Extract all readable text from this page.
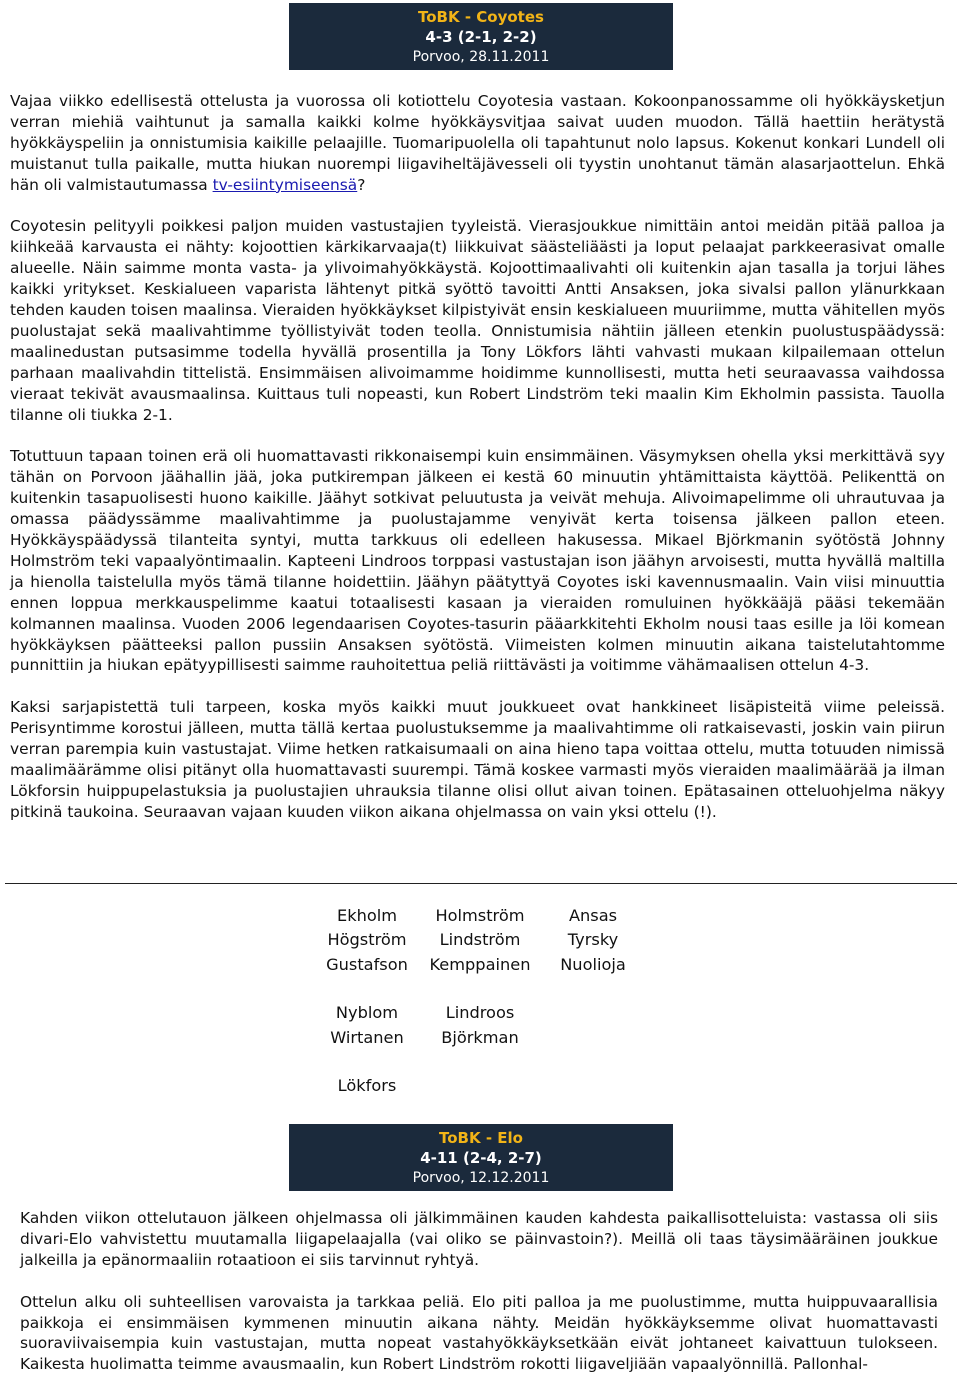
ToBK - Coyotes
4-3 (2-1, 2-2)
Porvoo, 28.11.2011

Vajaa viikko edellisestä ottelusta ja vuorossa oli kotiottelu Coyotesia vastaan. Kokoonpanossamme oli hyökkäysketjun verran miehiä vaihtunut ja samalla kaikki kolme hyökkäysvitjaa saivat uuden muodon. Tällä haettiin herätystä hyökkäyspeliin ja onnistumisia kaikille pelaajille. Tuomaripuolella oli tapahtunut nolo lapsus. Kokenut konkari Lundell oli muistanut tulla paikalle, mutta hiukan nuorempi liigaviheltäjävesseli oli tyystin unohtanut tämän alasarjaottelun. Ehkä hän oli valmistautumassa tv-esiintymiseensä?

Coyotesin pelityyli poikkesi paljon muiden vastustajien tyyleistä. Vierasjoukkue nimittäin antoi meidän pitää palloa ja kiihkeää karvausta ei nähty: kojoottien kärkikarvaaja(t) liikkuivat säästeliäästi ja loput pelaajat parkkeerasivat omalle alueelle. Näin saimme monta vasta- ja ylivoimahyökkäystä. Kojoottimaalivahti oli kuitenkin ajan tasalla ja torjui lähes kaikki yritykset. Keskialueen vaparista lähtenyt pitkä syöttö tavoitti Antti Ansaksen, joka sivalsi pallon ylänurkkaan tehden kauden toisen maalinsa. Vieraiden hyökkäykset kilpistyivät ensin keskialueen muuriimme, mutta vähitellen myös puolustajat sekä maalivahtimme työllistyivät toden teolla. Onnistumisia nähtiin jälleen etenkin puolustuspäädyssä: maalinedustan putsasimme todella hyvällä prosentilla ja Tony Lökfors lähti vahvasti mukaan kilpailemaan ottelun parhaan maalivahdin tittelistä. Ensimmäisen alivoimamme hoidimme kunnollisesti, mutta heti seuraavassa vaihdossa vieraat tekivät avausmaalinsa. Kuittaus tuli nopeasti, kun Robert Lindström teki maalin Kim Ekholmin passista. Tauolla tilanne oli tiukka 2-1.

Totuttuun tapaan toinen erä oli huomattavasti rikkonaisempi kuin ensimmäinen. Väsymyksen ohella yksi merkittävä syy tähän on Porvoon jäähallin jää, joka putkirempan jälkeen ei kestä 60 minuutin yhtämittaista käyttöä. Pelikenttä on kuitenkin tasapuolisesti huono kaikille. Jäähyt sotkivat peluutusta ja veivät mehuja. Alivoimapelimme oli uhrautuvaa ja omassa päädyssämme maalivahtimme ja puolustajamme venyivät kerta toisensa jälkeen pallon eteen. Hyökkäyspäädyssä tilanteita syntyi, mutta tarkkuus oli edelleen hakusessa. Mikael Björkmanin syötöstä Johnny Holmström teki vapaalyöntimaalin. Kapteeni Lindroos torppasi vastustajan ison jäähyn arvoisesti, mutta hyvällä maltilla ja hienolla taistelulla myös tämä tilanne hoidettiin. Jäähyn päätyttyä Coyotes iski kavennusmaalin. Vain viisi minuuttia ennen loppua merkkauspelimme kaatui totaalisesti kasaan ja vieraiden romuluinen hyökkääjä pääsi tekemään kolmannen maalinsa. Vuoden 2006 legendaarisen Coyotes-tasurin pääarkkitehti Ekholm nousi taas esille ja löi komean hyökkäyksen päätteeksi pallon pussiin Ansaksen syötöstä. Viimeisten kolmen minuutin aikana taistelutahtomme punnittiin ja hiukan epätyypillisesti saimme rauhoitettua peliä riittävästi ja voitimme vähämaalisen ottelun 4-3.

Kaksi sarjapistettä tuli tarpeen, koska myös kaikki muut joukkueet ovat hankkineet lisäpisteitä viime peleissä. Perisyntimme korostui jälleen, mutta tällä kertaa puolustuksemme ja maalivahtimme oli ratkaisevasti, joskin vain piirun verran parempia kuin vastustajat. Viime hetken ratkaisumaali on aina hieno tapa voittaa ottelu, mutta totuuden nimissä maalimäärämme olisi pitänyt olla huomattavasti suurempi. Tämä koskee varmasti myös vieraiden maalimäärää ja ilman Lökforsin huippupelastuksia ja puolustajien uhrauksia tilanne olisi ollut aivan toinen. Epätasainen otteluohjelma näkyy pitkinä taukoina. Seuraavan vajaan kuuden viikon aikana ohjelmassa on vain yksi ottelu (!).

Ekholm	Holmström	Ansas
Högström	Lindström	Tyrsky
Gustafson	Kemppainen	Nuolioja
Nyblom	Lindroos
Wirtanen	Björkman
Lökfors
ToBK - Elo
4-11 (2-4, 2-7)
Porvoo, 12.12.2011

Kahden viikon ottelutauon jälkeen ohjelmassa oli jälkimmäinen kauden kahdesta paikallisotteluista: vastassa oli siis divari-Elo vahvistettu muutamalla liigapelaajalla (vai oliko se päinvastoin?). Meillä oli taas täysimääräinen joukkue jalkeilla ja epänormaaliin rotaatioon ei siis tarvinnut ryhtyä.

Ottelun alku oli suhteellisen varovaista ja tarkkaa peliä. Elo piti palloa ja me puolustimme, mutta huippuvaarallisia paikkoja ei ensimmäisen kymmenen minuutin aikana nähty. Meidän hyökkäyksemme olivat huomattavasti suoraviivaisempia kuin vastustajan, mutta nopeat vastahyökkäyksetkään eivät johtaneet kaivattuun tulokseen. Kaikesta huolimatta teimme avausmaalin, kun Robert Lindström rokotti liigaveljiään vapaalyönnillä. Pallonhal-
